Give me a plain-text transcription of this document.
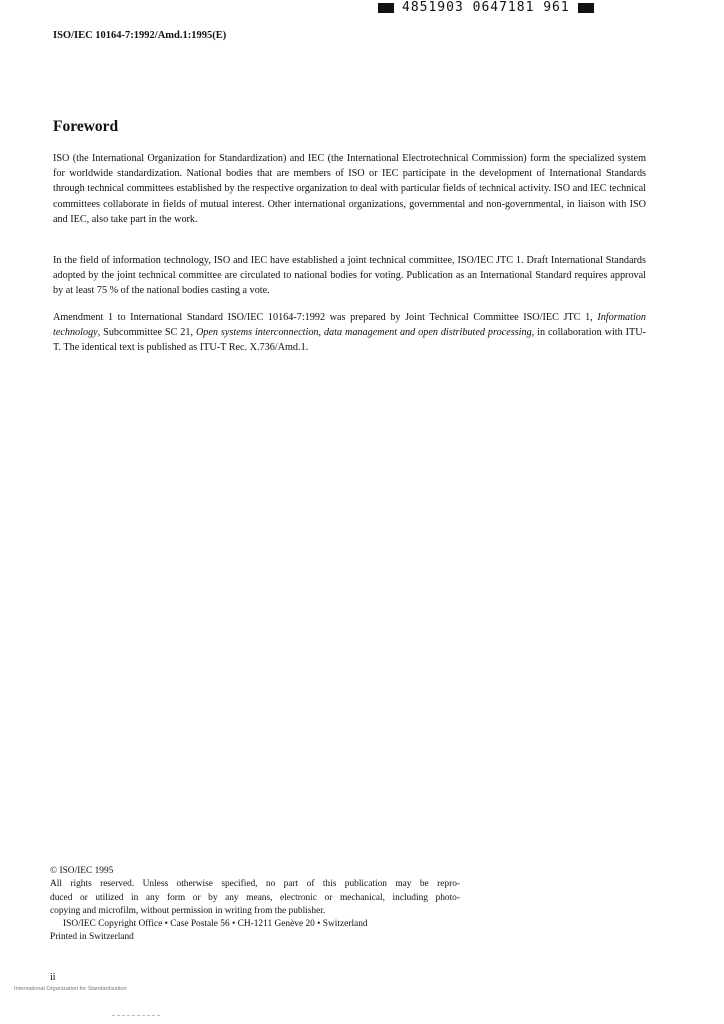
4851903 0647181 961
ISO/IEC 10164-7:1992/Amd.1:1995(E)
Foreword

ISO (the International Organization for Standardization) and IEC (the International Electrotechnical Commission) form the specialized system for worldwide standardization. National bodies that are members of ISO or IEC participate in the development of International Standards through technical committees established by the respective organization to deal with particular fields of technical activity. ISO and IEC technical committees collaborate in fields of mutual interest. Other international organizations, governmental and non-governmental, in liaison with ISO and IEC, also take part in the work.

In the field of information technology, ISO and IEC have established a joint technical committee, ISO/IEC JTC 1. Draft International Standards adopted by the joint technical committee are circulated to national bodies for voting. Publication as an International Standard requires approval by at least 75 % of the national bodies casting a vote.

Amendment 1 to International Standard ISO/IEC 10164-7:1992 was prepared by Joint Technical Committee ISO/IEC JTC 1, Information technology, Subcommittee SC 21, Open systems interconnection, data management and open distributed processing, in collaboration with ITU-T. The identical text is published as ITU-T Rec. X.736/Amd.1.

© ISO/IEC 1995
All rights reserved. Unless otherwise specified, no part of this publication may be repro-
duced or utilized in any form or by any means, electronic or mechanical, including photo-
copying and microfilm, without permission in writing from the publisher.
ISO/IEC Copyright Office • Case Postale 56 • CH-1211 Genève 20 • Switzerland
Printed in Switzerland
ii
International Organization for Standardization
